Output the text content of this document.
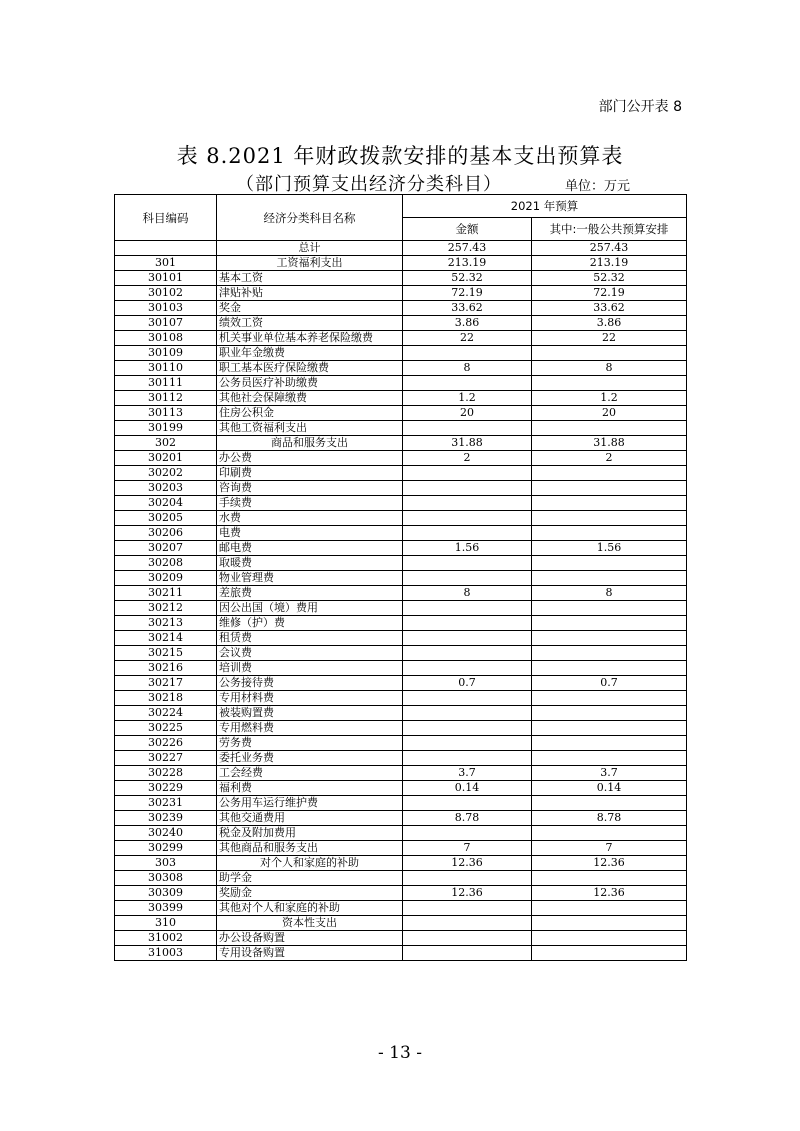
部门公开表 8
表 8.2021 年财政拨款安排的基本支出预算表
（部门预算支出经济分类科目）	单位：万元
科目编码	经济分类科目名称	2021 年预算	
		金额	其中:一般公共预算安排
	总计	257.43	257.43
301	工资福利支出	213.19	213.19
30101	基本工资	52.32	52.32
30102	津贴补贴	72.19	72.19
30103	奖金	33.62	33.62
30107	绩效工资	3.86	3.86
30108	机关事业单位基本养老保险缴费	22	22
30109	职业年金缴费		
30110	职工基本医疗保险缴费	8	8
30111	公务员医疗补助缴费		
30112	其他社会保障缴费	1.2	1.2
30113	住房公积金	20	20
30199	其他工资福利支出		
302	商品和服务支出	31.88	31.88
30201	办公费	2	2
30202	印刷费		
30203	咨询费		
30204	手续费		
30205	水费		
30206	电费		
30207	邮电费	1.56	1.56
30208	取暖费		
30209	物业管理费		
30211	差旅费	8	8
30212	因公出国（境）费用		
30213	维修（护）费		
30214	租赁费		
30215	会议费		
30216	培训费		
30217	公务接待费	0.7	0.7
30218	专用材料费		
30224	被装购置费		
30225	专用燃料费		
30226	劳务费		
30227	委托业务费		
30228	工会经费	3.7	3.7
30229	福利费	0.14	0.14
30231	公务用车运行维护费		
30239	其他交通费用	8.78	8.78
30240	税金及附加费用		
30299	其他商品和服务支出	7	7
303	对个人和家庭的补助	12.36	12.36
30308	助学金		
30309	奖励金	12.36	12.36
30399	其他对个人和家庭的补助		
310	资本性支出		
31002	办公设备购置		
31003	专用设备购置		
- 13 -
